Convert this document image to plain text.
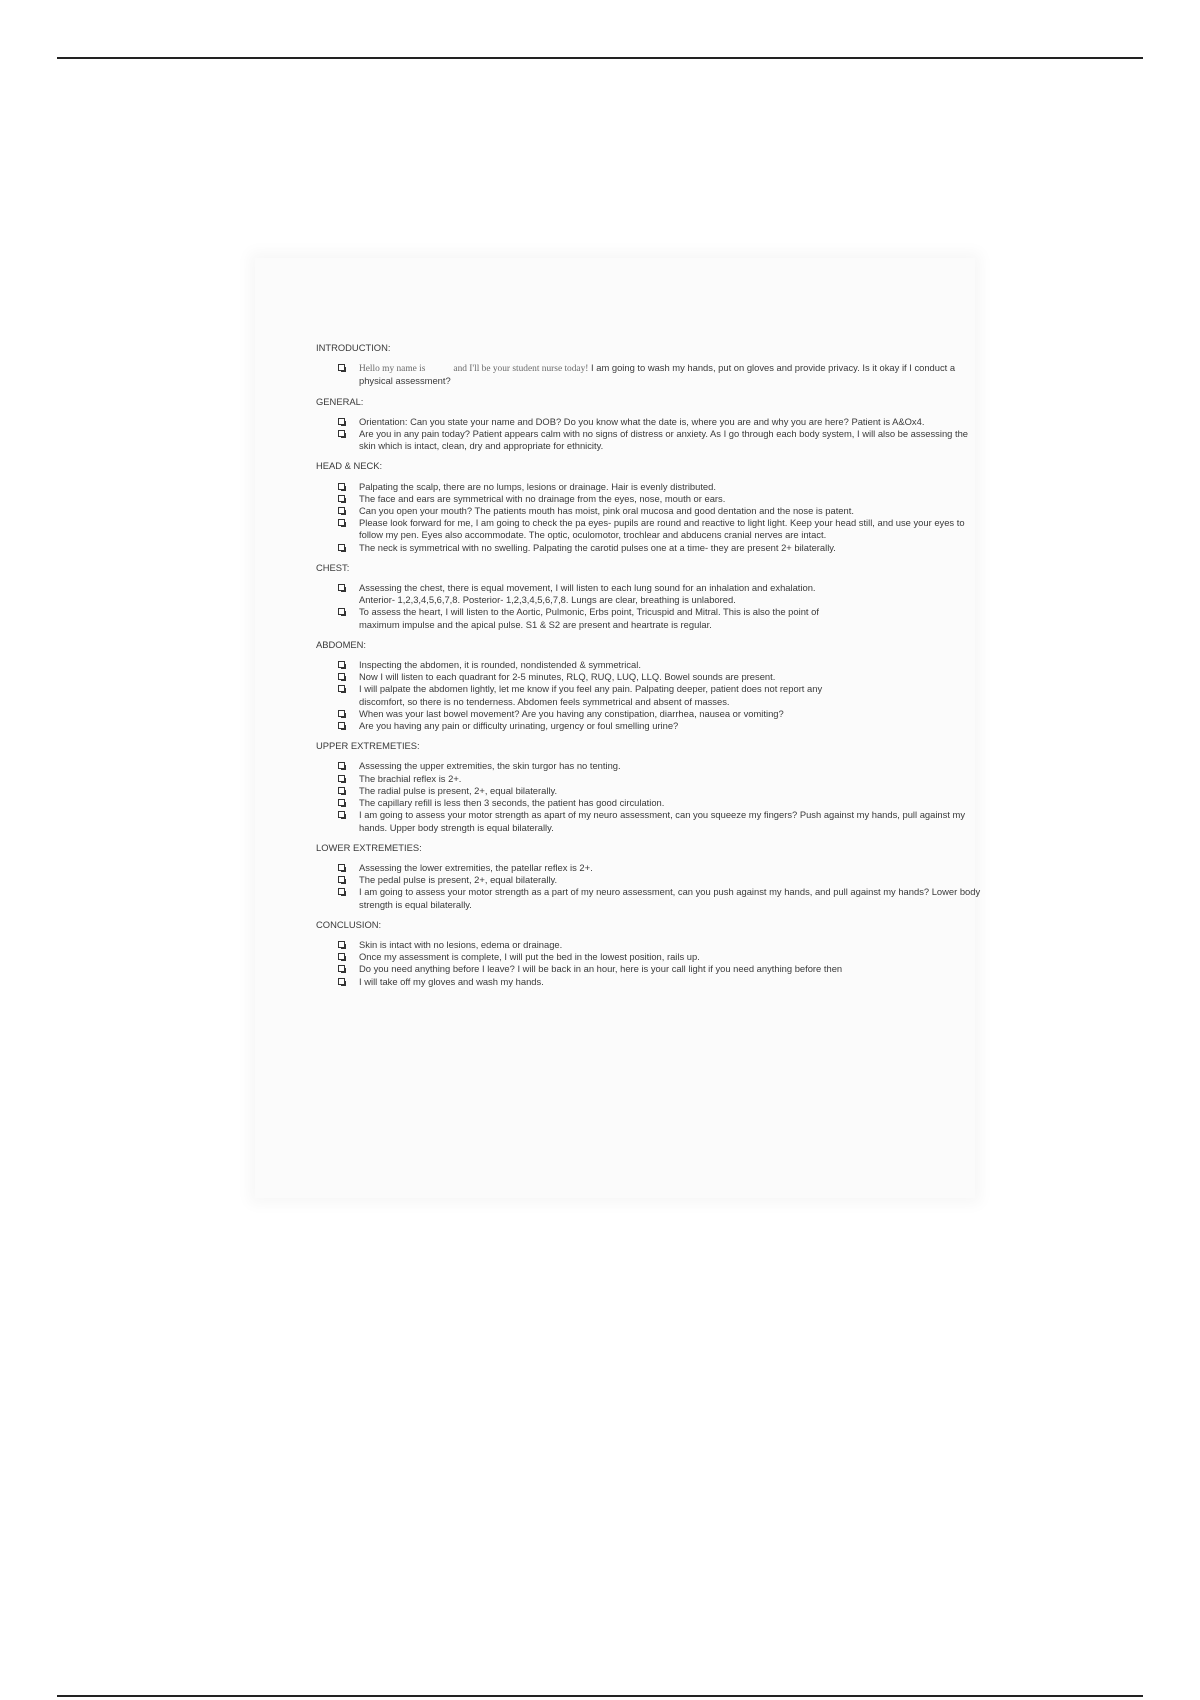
INTRODUCTION:
Hello my name is	and I'll be your student nurse today! I am going to wash my hands, put on gloves and provide privacy. Is it okay if I conduct a physical assessment?
GENERAL:
Orientation: Can you state your name and DOB? Do you know what the date is, where you are and why you are here? Patient is A&Ox4.
Are you in any pain today? Patient appears calm with no signs of distress or anxiety. As I go through each body system, I will also be assessing the skin which is intact, clean, dry and appropriate for ethnicity.
HEAD & NECK:
Palpating the scalp, there are no lumps, lesions or drainage. Hair is evenly distributed.
The face and ears are symmetrical with no drainage from the eyes, nose, mouth or ears.
Can you open your mouth? The patients mouth has moist, pink oral mucosa and good dentation and the nose is patent.
Please look forward for me, I am going to check the pa eyes- pupils are round and reactive to light light. Keep your head still, and use your eyes to follow my pen. Eyes also accommodate. The optic, oculomotor, trochlear and abducens cranial nerves are intact.
The neck is symmetrical with no swelling. Palpating the carotid pulses one at a time- they are present 2+ bilaterally.
CHEST:
Assessing the chest, there is equal movement, I will listen to each lung sound for an inhalation and exhalation. Anterior- 1,2,3,4,5,6,7,8. Posterior- 1,2,3,4,5,6,7,8. Lungs are clear, breathing is unlabored.
To assess the heart, I will listen to the Aortic, Pulmonic, Erbs point, Tricuspid and Mitral. This is also the point of maximum impulse and the apical pulse. S1 & S2 are present and heartrate is regular.
ABDOMEN:
Inspecting the abdomen, it is rounded, nondistended & symmetrical.
Now I will listen to each quadrant for 2-5 minutes, RLQ, RUQ, LUQ, LLQ. Bowel sounds are present.
I will palpate the abdomen lightly, let me know if you feel any pain. Palpating deeper, patient does not report any discomfort, so there is no tenderness. Abdomen feels symmetrical and absent of masses.
When was your last bowel movement? Are you having any constipation, diarrhea, nausea or vomiting?
Are you having any pain or difficulty urinating, urgency or foul smelling urine?
UPPER EXTREMETIES:
Assessing the upper extremities, the skin turgor has no tenting.
The brachial reflex is 2+.
The radial pulse is present, 2+, equal bilaterally.
The capillary refill is less then 3 seconds, the patient has good circulation.
I am going to assess your motor strength as apart of my neuro assessment, can you squeeze my fingers? Push against my hands, pull against my hands. Upper body strength is equal bilaterally.
LOWER EXTREMETIES:
Assessing the lower extremities, the patellar reflex is 2+.
The pedal pulse is present, 2+, equal bilaterally.
I am going to assess your motor strength as a part of my neuro assessment, can you push against my hands, and pull against my hands? Lower body strength is equal bilaterally.
CONCLUSION:
Skin is intact with no lesions, edema or drainage.
Once my assessment is complete, I will put the bed in the lowest position, rails up.
Do you need anything before I leave? I will be back in an hour, here is your call light if you need anything before then
I will take off my gloves and wash my hands.
